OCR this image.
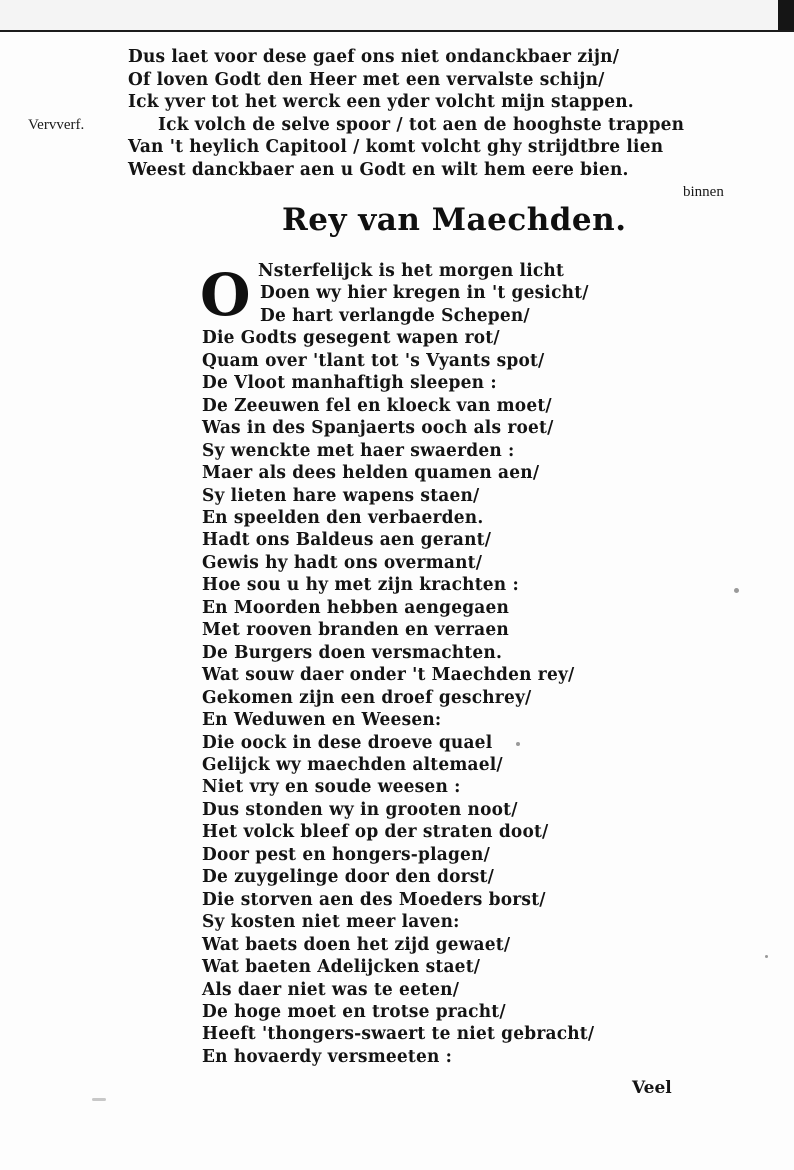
Dus laet voor dese gaef ons niet ondanckbaer zijn/
Of loven Godt den Heer met een vervalste schijn/
Ick yver tot het werck een yder volcht mijn stappen.
Ick volch de selve spoor / tot aen de hooghste trappen
Van 't heylich Capitool / komt volcht ghy strijdtbre lien
Weest danckbaer aen u Godt en wilt hem eere bien.
Vervverf.
binnen
Rey van Maechden.
O Nsterfelijck is het morgen licht
Doen wy hier kregen in 't gesicht/
De hart verlangde Schepen/
Die Godts gesegent wapen rot/
Quam over 'tlant tot 's Vyants spot/
De Vloot manhaftigh sleepen :
De Zeeuwen fel en kloeck van moet/
Was in des Spanjaerts ooch als roet/
Sy wenckte met haer swaerden :
Maer als dees helden quamen aen/
Sy lieten hare wapens staen/
En speelden den verbaerden.
Hadt ons Baldeus aen gerant/
Gewis hy hadt ons overmant/
Hoe sou u hy met zijn krachten :
En Moorden hebben aengegaen
Met rooven branden en verraen
De Burgers doen versmachten.
Wat souw daer onder 't Maechden rey/
Gekomen zijn een droef geschrey/
En Weduwen en Weesen:
Die oock in dese droeve quael
Gelijck wy maechden altemael/
Niet vry en soude weesen :
Dus stonden wy in grooten noot/
Het volck bleef op der straten doot/
Door pest en hongers-plagen/
De zuygelinge door den dorst/
Die storven aen des Moeders borst/
Sy kosten niet meer laven:
Wat baets doen het zijd gewaet/
Wat baeten Adelijcken staet/
Als daer niet was te eeten/
De hoge moet en trotse pracht/
Heeft 'thongers-swaert te niet gebracht/
En hovaerdy versmeeten :
Veel
